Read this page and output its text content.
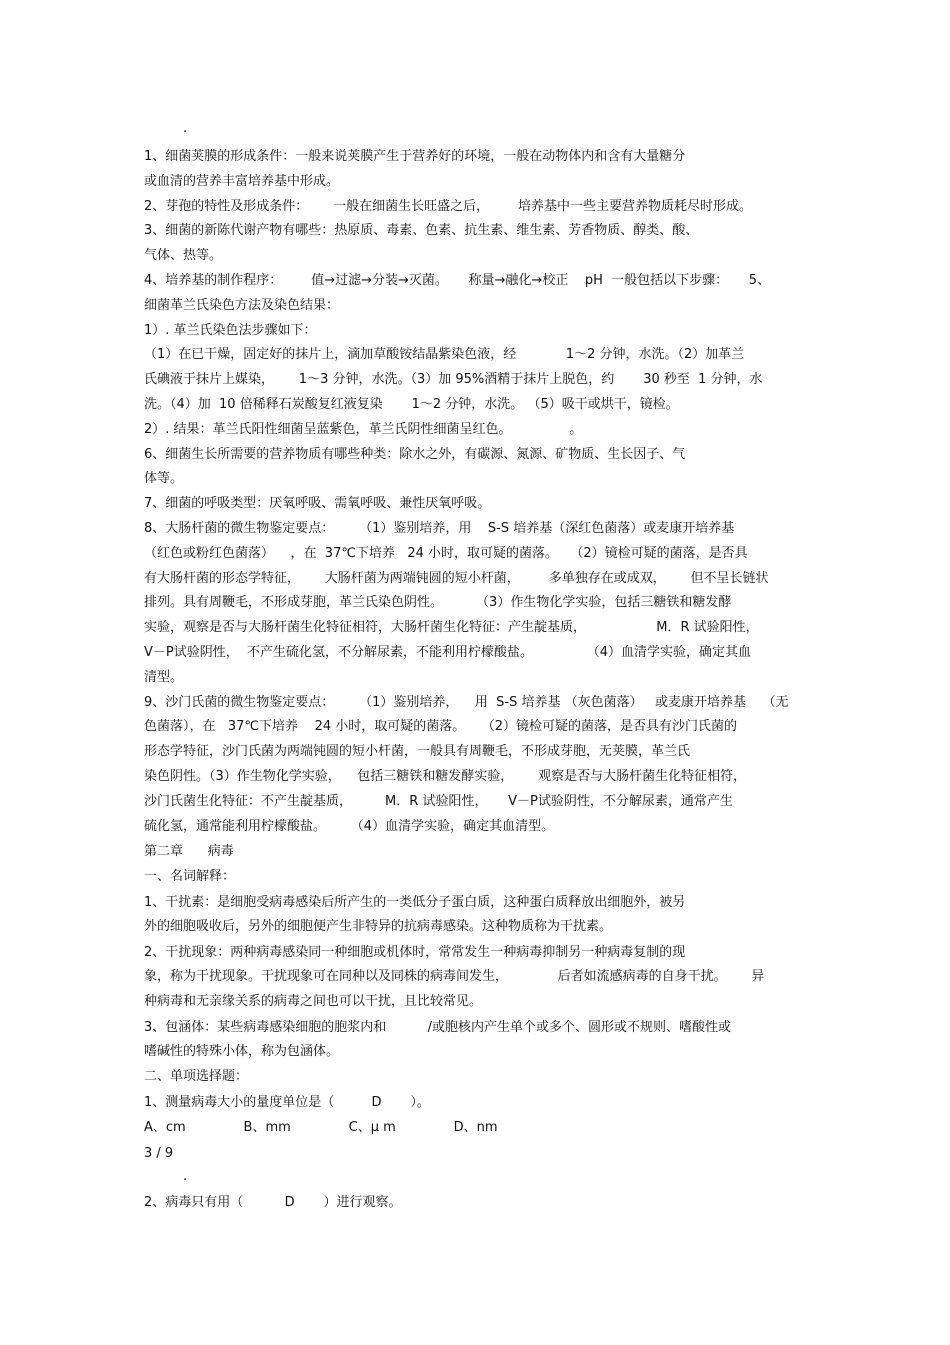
.
1、细菌荚膜的形成条件：一般来说荚膜产生于营养好的环境，一般在动物体内和含有大量糖分
或血清的营养丰富培养基中形成。
2、芽孢的特性及形成条件：      一般在细菌生长旺盛之后，       培养基中一些主要营养物质耗尽时形成。
3、细菌的新陈代谢产物有哪些：热原质、毒素、色素、抗生素、维生素、芳香物质、醇类、酸、
气体、热等。
4、培养基的制作程序：       值→过滤→分装→灭菌。     称量→融化→校正    pH  一般包括以下步骤：     5、
细菌革兰氏染色方法及染色结果：
1）. 革兰氏染色法步骤如下：
（1）在已干燥，固定好的抹片上，滴加草酸铵结晶紫染色液，经            1～2 分钟，水洗。（2）加革兰
氏碘液于抹片上媒染，      1～3 分钟，水洗。（3）加 95%酒精于抹片上脱色，约       30 秒至  1 分钟，水
洗。（4）加  10 倍稀释石炭酸复红液复染       1～2 分钟，水洗。 （5）吸干或烘干，镜检。
2）. 结果：革兰氏阳性细菌呈蓝紫色，革兰氏阴性细菌呈红色。              。
6、细菌生长所需要的营养物质有哪些种类：除水之外，有碳源、氮源、矿物质、生长因子、气
体等。
7、细菌的呼吸类型：厌氧呼吸、需氧呼吸、兼性厌氧呼吸。
8、大肠杆菌的微生物鉴定要点：      （1）鉴别培养，用    S-S 培养基（深红色菌落）或麦康开培养基
（红色或粉红色菌落）    ，在  37℃下培养   24 小时，取可疑的菌落。   （2）镜检可疑的菌落，是否具
有大肠杆菌的形态学特征，      大肠杆菌为两端钝圆的短小杆菌，       多单独存在或成双，      但不呈长链状
排列。具有周鞭毛，不形成芽胞，革兰氏染色阴性。        （3）作生物化学实验，包括三糖铁和糖发酵
实验，观察是否与大肠杆菌生化特征相符，大肠杆菌生化特征：产生靛基质，                 M．R 试验阳性，
V－P试验阴性，  不产生硫化氢，不分解尿素，不能利用柠檬酸盐。             （4）血清学实验，确定其血
清型。
9、沙门氏菌的微生物鉴定要点：      （1）鉴别培养，    用  S-S 培养基 （灰色菌落）   或麦康开培养基    （无
色菌落），在   37℃下培养    24 小时，取可疑的菌落。    （2）镜检可疑的菌落，是否具有沙门氏菌的
形态学特征，沙门氏菌为两端钝圆的短小杆菌，一般具有周鞭毛，不形成芽胞，无荚膜，革兰氏
染色阴性。（3）作生物化学实验，    包括三糖铁和糖发酵实验，      观察是否与大肠杆菌生化特征相符，
沙门氏菌生化特征：不产生靛基质，        M．R 试验阳性，     V－P试验阴性，不分解尿素，通常产生
硫化氢，通常能利用柠檬酸盐。      （4）血清学实验，确定其血清型。
第二章      病毒
一、名词解释：
1、干扰素：是细胞受病毒感染后所产生的一类低分子蛋白质，这种蛋白质释放出细胞外，被另
外的细胞吸收后，另外的细胞便产生非特异的抗病毒感染。这种物质称为干扰素。
2、干扰现象：两种病毒感染同一种细胞或机体时，常常发生一种病毒抑制另一种病毒复制的现
象，称为干扰现象。干扰现象可在同种以及同株的病毒间发生，            后者如流感病毒的自身干扰。      异
种病毒和无亲缘关系的病毒之间也可以干扰，且比较常见。
3、包涵体：某些病毒感染细胞的胞浆内和          /或胞核内产生单个或多个、圆形或不规则、嗜酸性或
嗜碱性的特殊小体，称为包涵体。
二、单项选择题：
1、测量病毒大小的量度单位是（         D       ）。
A、cm              B、mm              C、μ m              D、nm
2、病毒只有用（          D       ）进行观察。
3 / 9
.
